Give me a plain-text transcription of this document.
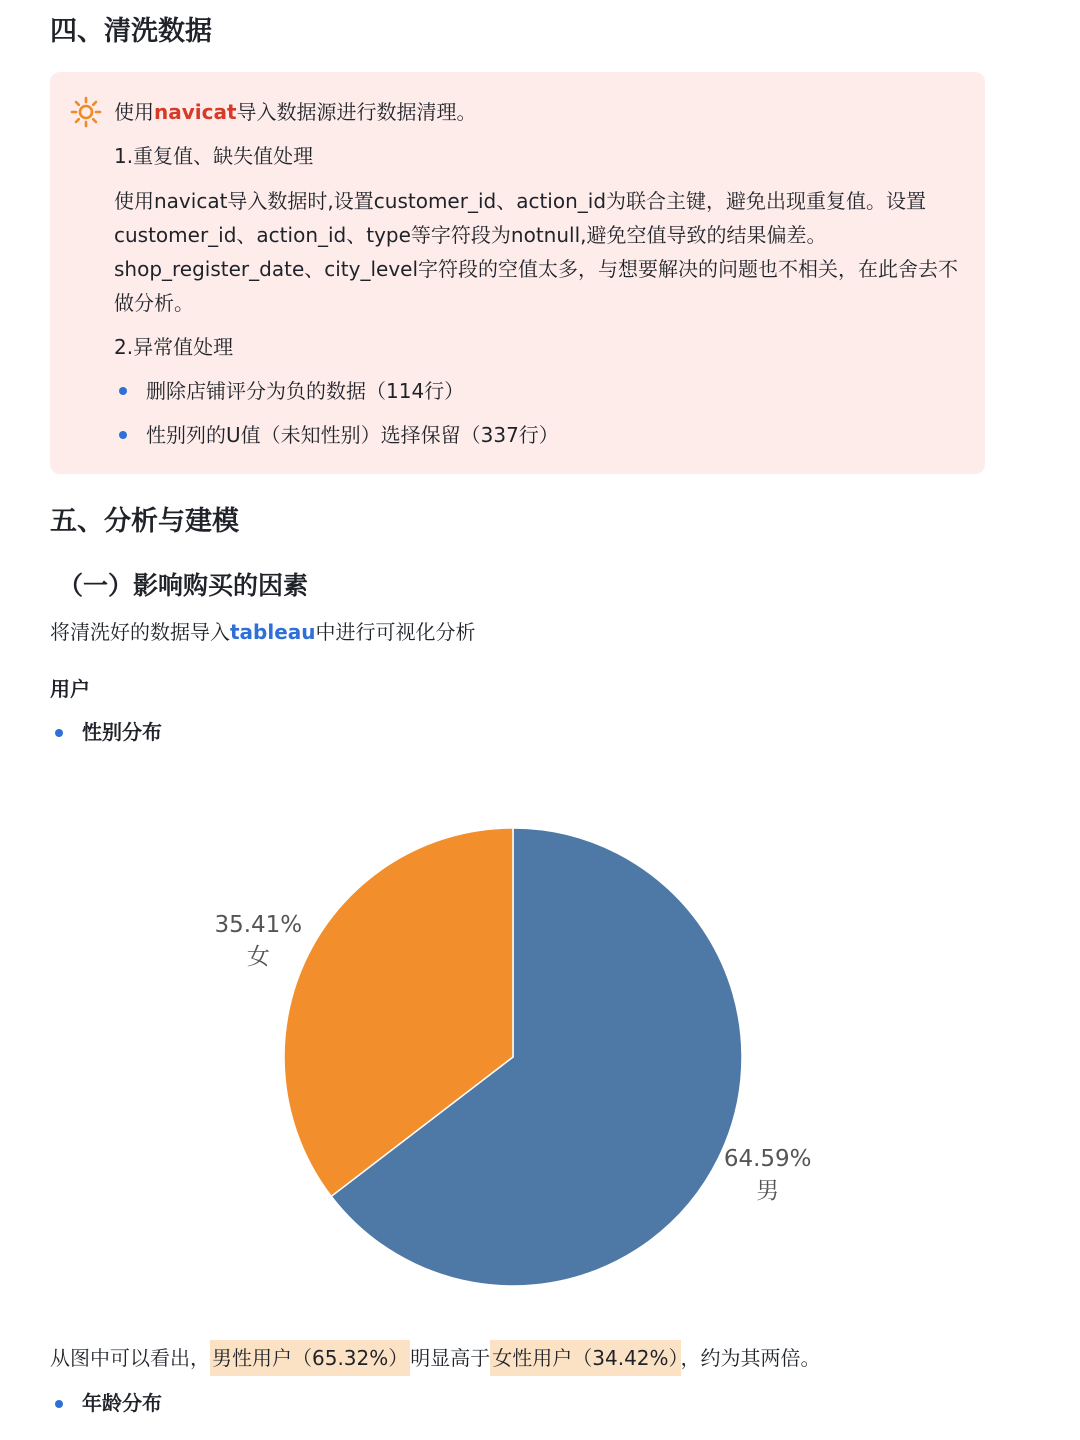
四、清洗数据
使用navicat导入数据源进行数据清理。
1.重复值、缺失值处理
使用navicat导入数据时,设置customer_id、action_id为联合主键，避免出现重复值。设置customer_id、action_id、type等字符段为notnull,避免空值导致的结果偏差。shop_register_date、city_level字符段的空值太多，与想要解决的问题也不相关，在此舍去不做分析。
2.异常值处理
删除店铺评分为负的数据（114行）
性别列的U值（未知性别）选择保留（337行）
五、分析与建模
（一）影响购买的因素
将清洗好的数据导入tableau中进行可视化分析
用户
性别分布
64.59%
男
35.41%
女
从图中可以看出， 男性用户（65.32%） 明显高于 女性用户（34.42%） ，约为其两倍。
年龄分布
